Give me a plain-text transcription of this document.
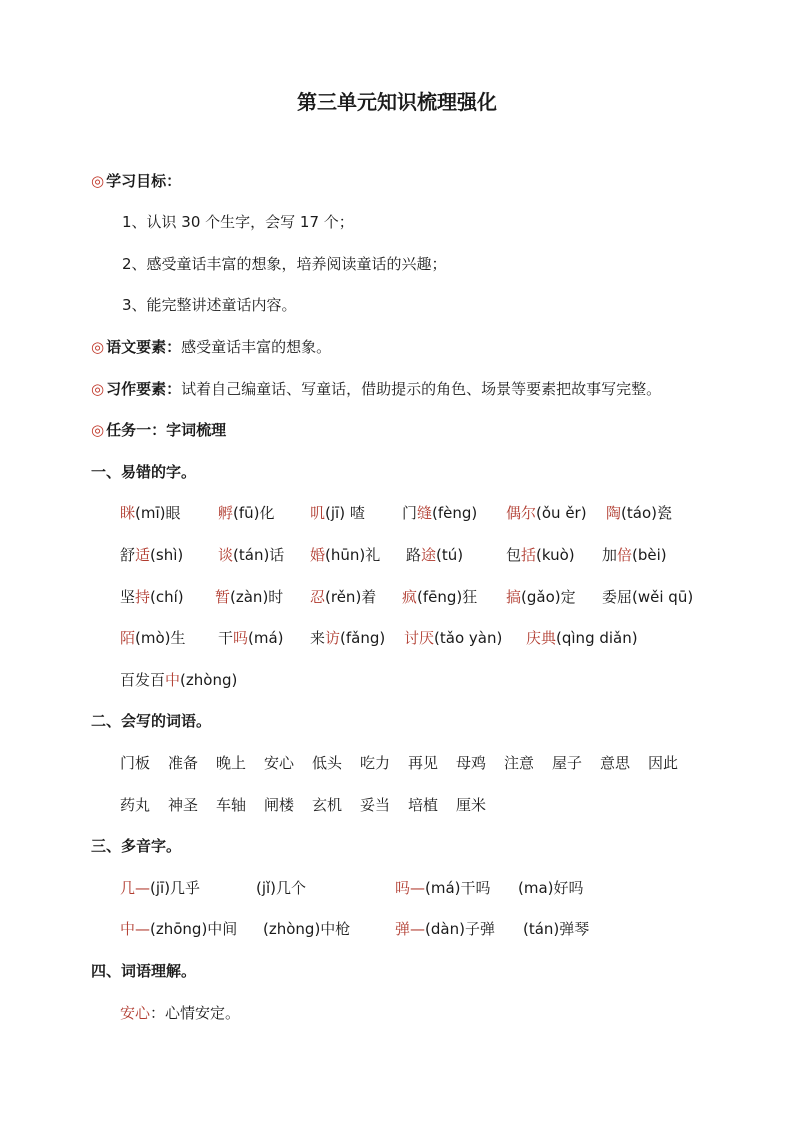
第三单元知识梳理强化
◎ 学习目标：
1、认识 30 个生字，会写 17 个；
2、感受童话丰富的想象，培养阅读童话的兴趣；
3、能完整讲述童话内容。
◎ 语文要素：感受童话丰富的想象。
◎ 习作要素：试着自己编童话、写童话，借助提示的角色、场景等要素把故事写完整。
◎ 任务一：字词梳理
一、易错的字。
眯(mī)眼	孵(fū)化 叽(jī) 喳 门缝(fèng) 偶尔(ǒu ěr) 陶(táo)瓷
舒适(shì) 谈(tán)话 婚(hūn)礼 路途(tú)	包括(kuò) 加倍(bèi)
坚持(chí) 暂(zàn)时 忍(rěn)着 疯(fēng)狂 搞(gǎo)定 委屈(wěi qū)
陌(mò)生 干吗(má) 来访(fǎng) 讨厌(tǎo yàn) 庆典(qìng diǎn)
百发百中(zhòng)
二、会写的词语。
门板 准备 晚上 安心 低头 吃力 再见 母鸡 注意 屋子 意思 因此
药丸 神圣 车轴 闸楼 玄机 妥当 培植 厘米
三、多音字。
几—(jī)几乎	(jǐ)几个	吗—(má)干吗 (ma)好吗
中—(zhōng)中间 (zhòng)中枪	弹—(dàn)子弹 (tán)弹琴
四、词语理解。
安心：心情安定。
